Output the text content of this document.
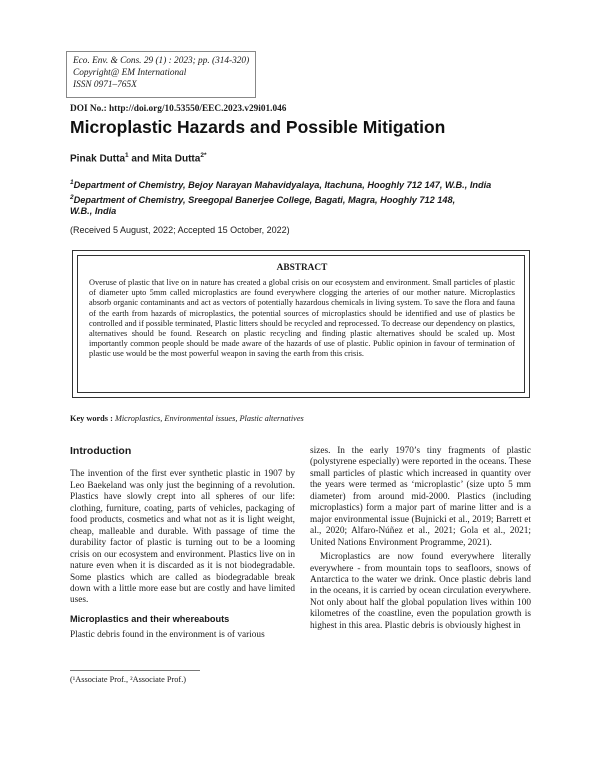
Eco. Env. & Cons. 29 (1) : 2023; pp. (314-320)
Copyright@ EM International
ISSN 0971–765X
DOI No.: http://doi.org/10.53550/EEC.2023.v29i01.046
Microplastic Hazards and Possible Mitigation
Pinak Dutta$^1$ and Mita Dutta$^{2*}$
$^1$Department of Chemistry, Bejoy Narayan Mahavidyalaya, Itachuna, Hooghly 712 147, W.B., India
$^2$Department of Chemistry, Sreegopal Banerjee College, Bagati, Magra, Hooghly 712 148,
W.B., India
(Received 5 August, 2022; Accepted 15 October, 2022)
ABSTRACT
Overuse of plastic that live on in nature has created a global crisis on our ecosystem and environment. Small particles of plastic of diameter upto 5mm called microplastics are found everywhere clogging the arteries of our mother nature. Microplastics absorb organic contaminants and act as vectors of potentially hazardous chemicals in living system. To save the flora and fauna of the earth from hazards of microplastics, the potential sources of microplastics should be identified and use of plastics be controlled and if possible terminated, Plastic litters should be recycled and reprocessed. To decrease our dependency on plastics, alternatives should be found. Research on plastic recycling and finding plastic alternatives should be scaled up. Most importantly common people should be made aware of the hazards of use of plastic. Public opinion in favour of termination of plastic use would be the most powerful weapon in saving the earth from this crisis.
Key words : Microplastics, Environmental issues, Plastic alternatives
Introduction

The invention of the first ever synthetic plastic in 1907 by Leo Baekeland was only just the beginning of a revolution. Plastics have slowly crept into all spheres of our life: clothing, furniture, coating, parts of vehicles, packaging of food products, cosmetics and what not as it is light weight, cheap, malleable and durable. With passage of time the durability factor of plastic is turning out to be a looming crisis on our ecosystem and environment. Plastics live on in nature even when it is discarded as it is not biodegradable. Some plastics which are called as biodegradable break down with a little more ease but are costly and have limited uses.

Microplastics and their whereabouts

Plastic debris found in the environment is of various

sizes. In the early 1970’s tiny fragments of plastic (polystyrene especially) were reported in the oceans. These small particles of plastic which increased in quantity over the years were termed as ‘microplastic’ (size upto 5 mm diameter) from around mid-2000. Plastics (including microplastics) form a major part of marine litter and is a major environmental issue (Bujnicki et al., 2019; Barrett et al., 2020; Alfaro-Núñez et al., 2021; Gola et al., 2021; United Nations Environment Programme, 2021).

Microplastics are now found everywhere literally everywhere - from mountain tops to seafloors, snows of Antarctica to the water we drink. Once plastic debris land in the oceans, it is carried by ocean circulation everywhere. Not only about half the global population lives within 100 kilometres of the coastline, even the population growth is highest in this area. Plastic debris is obviously highest in

(¹Associate Prof., ²Associate Prof.)
